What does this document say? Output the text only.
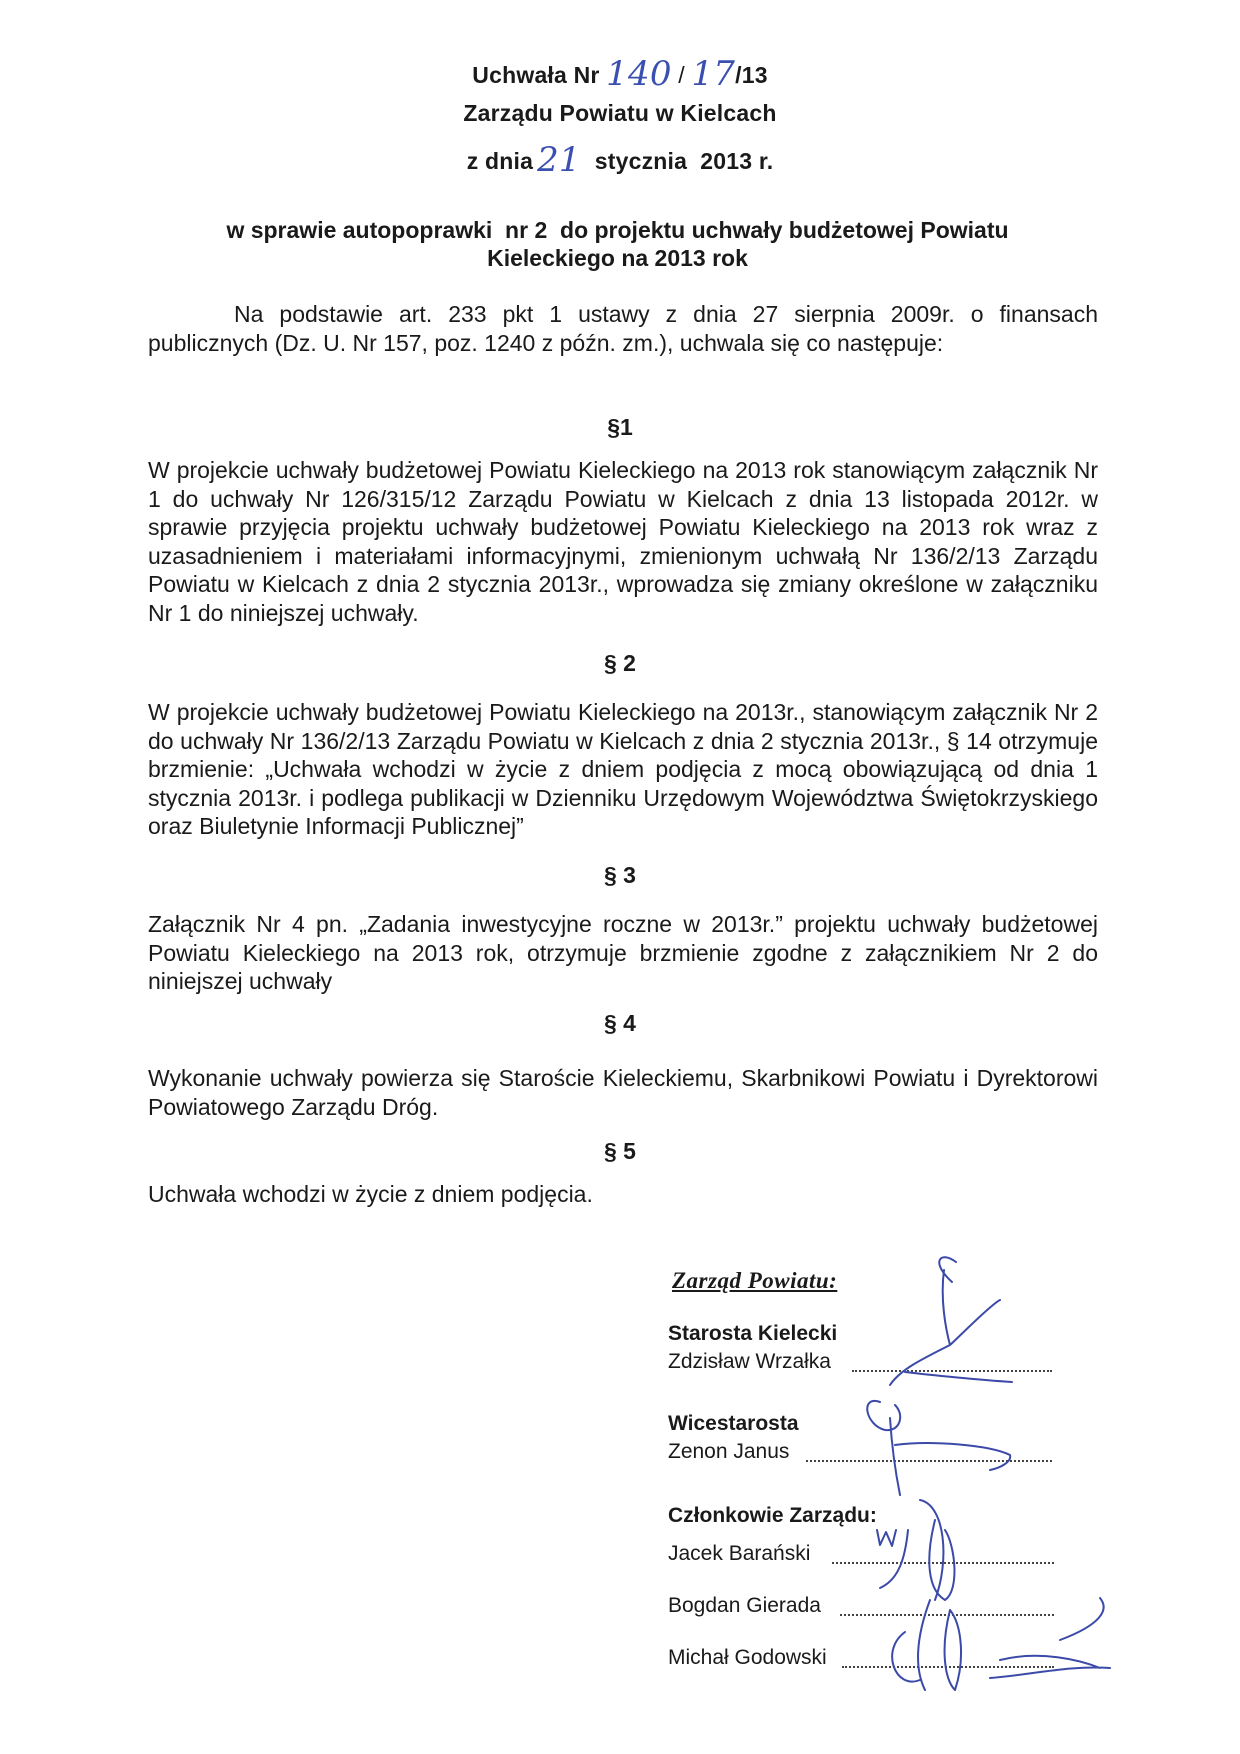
Uchwała Nr 140 / 17/13
Zarządu Powiatu w Kielcach
z dnia 21 stycznia  2013 r.
w sprawie autopoprawki  nr 2  do projektu uchwały budżetowej Powiatu
Kieleckiego na 2013 rok

Na podstawie art. 233 pkt 1 ustawy z dnia 27 sierpnia 2009r. o finansach publicznych (Dz. U. Nr 157, poz. 1240 z późn. zm.), uchwala się co następuje:

§1

W projekcie uchwały budżetowej Powiatu Kieleckiego na 2013 rok stanowiącym załącznik Nr 1 do uchwały Nr 126/315/12 Zarządu Powiatu w Kielcach z dnia 13 listopada 2012r. w sprawie przyjęcia projektu uchwały budżetowej Powiatu Kieleckiego na 2013 rok wraz z uzasadnieniem i materiałami informacyjnymi, zmienionym uchwałą Nr 136/2/13 Zarządu Powiatu w Kielcach z dnia 2 stycznia 2013r., wprowadza się zmiany określone w załączniku Nr 1 do niniejszej uchwały.

§ 2

W projekcie uchwały budżetowej Powiatu Kieleckiego na 2013r., stanowiącym załącznik Nr 2 do uchwały Nr 136/2/13 Zarządu Powiatu w Kielcach z dnia 2 stycznia 2013r., § 14 otrzymuje brzmienie: „Uchwała wchodzi w życie z dniem podjęcia z mocą obowiązującą od dnia 1 stycznia 2013r. i podlega publikacji w Dzienniku Urzędowym Województwa Świętokrzyskiego oraz Biuletynie Informacji Publicznej”

§ 3

Załącznik Nr 4 pn. „Zadania inwestycyjne roczne w 2013r.” projektu uchwały budżetowej Powiatu Kieleckiego na 2013 rok, otrzymuje brzmienie zgodne z załącznikiem Nr 2 do niniejszej uchwały

§ 4

Wykonanie uchwały powierza się Staroście Kieleckiemu, Skarbnikowi Powiatu i Dyrektorowi Powiatowego Zarządu Dróg.

§ 5

Uchwała wchodzi w życie z dniem podjęcia.

Zarząd Powiatu:
Starosta Kielecki
Zdzisław Wrzałka
Wicestarosta
Zenon Janus
Członkowie Zarządu:
Jacek Barański
Bogdan Gierada
Michał Godowski
